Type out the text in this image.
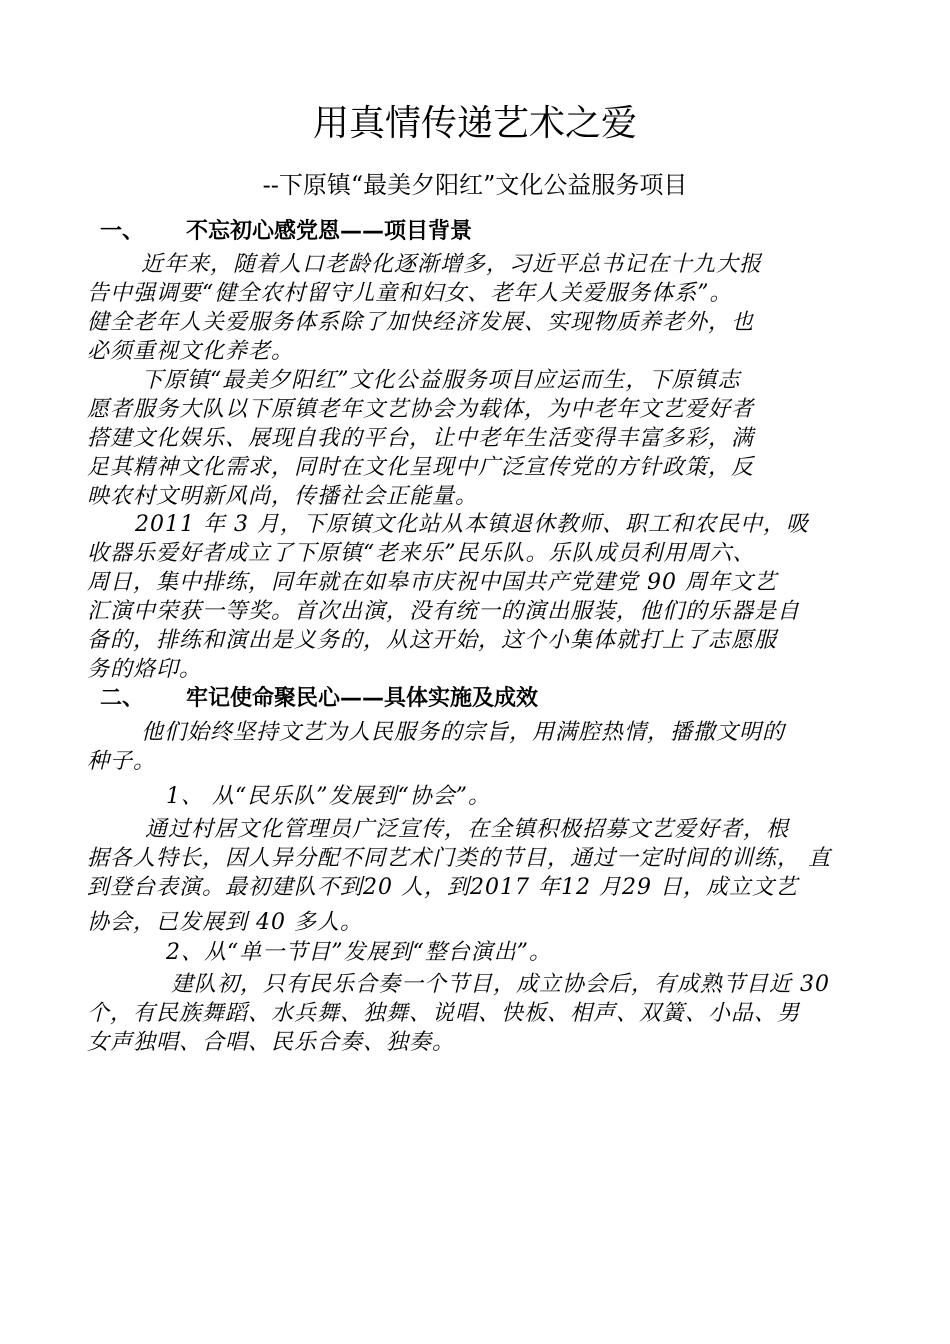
用真情传递艺术之爱
--下原镇“最美夕阳红”文化公益服务项目
一、 不忘初心感党恩——项目背景
近年来，随着人口老龄化逐渐增多，习近平总书记在十九大报
告中强调要“健全农村留守儿童和妇女、老年人关爱服务体系”。
健全老年人关爱服务体系除了加快经济发展、实现物质养老外，也
必须重视文化养老。
下原镇“最美夕阳红”文化公益服务项目应运而生，下原镇志
愿者服务大队以下原镇老年文艺协会为载体，为中老年文艺爱好者
搭建文化娱乐、展现自我的平台，让中老年生活变得丰富多彩，满
足其精神文化需求，同时在文化呈现中广泛宣传党的方针政策，反
映农村文明新风尚，传播社会正能量。
2011 年 3 月，下原镇文化站从本镇退休教师、职工和农民中，吸
收器乐爱好者成立了下原镇“老来乐”民乐队。乐队成员利用周六、
周日，集中排练，同年就在如皋市庆祝中国共产党建党 90 周年文艺
汇演中荣获一等奖。首次出演，没有统一的演出服装，他们的乐器是自
备的，排练和演出是义务的，从这开始，这个小集体就打上了志愿服
务的烙印。
二、 牢记使命聚民心——具体实施及成效
他们始终坚持文艺为人民服务的宗旨，用满腔热情，播撒文明的
种子。
1、 从“民乐队”发展到“协会”。
通过村居文化管理员广泛宣传，在全镇积极招募文艺爱好者，根
据各人特长，因人异分配不同艺术门类的节目，通过一定时间的训练， 直
到登台表演。最初建队不到20 人，到2017 年12 月29 日，成立文艺
协会，已发展到 40 多人。
2、从“单一节目”发展到“整台演出”。
建队初，只有民乐合奏一个节目，成立协会后，有成熟节目近 30
个，有民族舞蹈、水兵舞、独舞、说唱、快板、相声、双簧、小品、男
女声独唱、合唱、民乐合奏、独奏。
